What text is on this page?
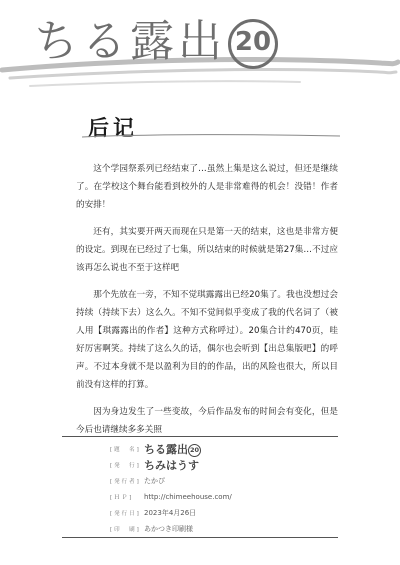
ちる露出 20
后记

这个学园祭系列已经结束了…虽然上集是这么说过，但还是继续了。在学校这个舞台能看到校外的人是非常难得的机会！没错！作者的安排！

还有，其实要开两天而现在只是第一天的结束，这也是非常方便的设定。到现在已经过了七集，所以结束的时候就是第27集…不过应该再怎么说也不至于这样吧

那个先放在一旁，不知不觉琪露露出已经20集了。我也没想过会持续（持续下去）这么久。不知不觉间似乎变成了我的代名词了（被人用【琪露露出的作者】这种方式称呼过）。20集合计约470页，哇好厉害啊笑。持续了这么久的话，偶尔也会听到【出总集版吧】的呼声。不过本身就不是以盈利为目的的作品，出的风险也很大，所以目前没有这样的打算。

因为身边发生了一些变故，今后作品发布的时间会有变化，但是今后也请继续多多关照

[題　名] ちる露出 20
[発　行] ちみはうす
[発行者] たかぴ
[ＨＰ]	http://chimeehouse.com/
[発行日] 2023年4月26日
[印　刷] あかつき印刷様
